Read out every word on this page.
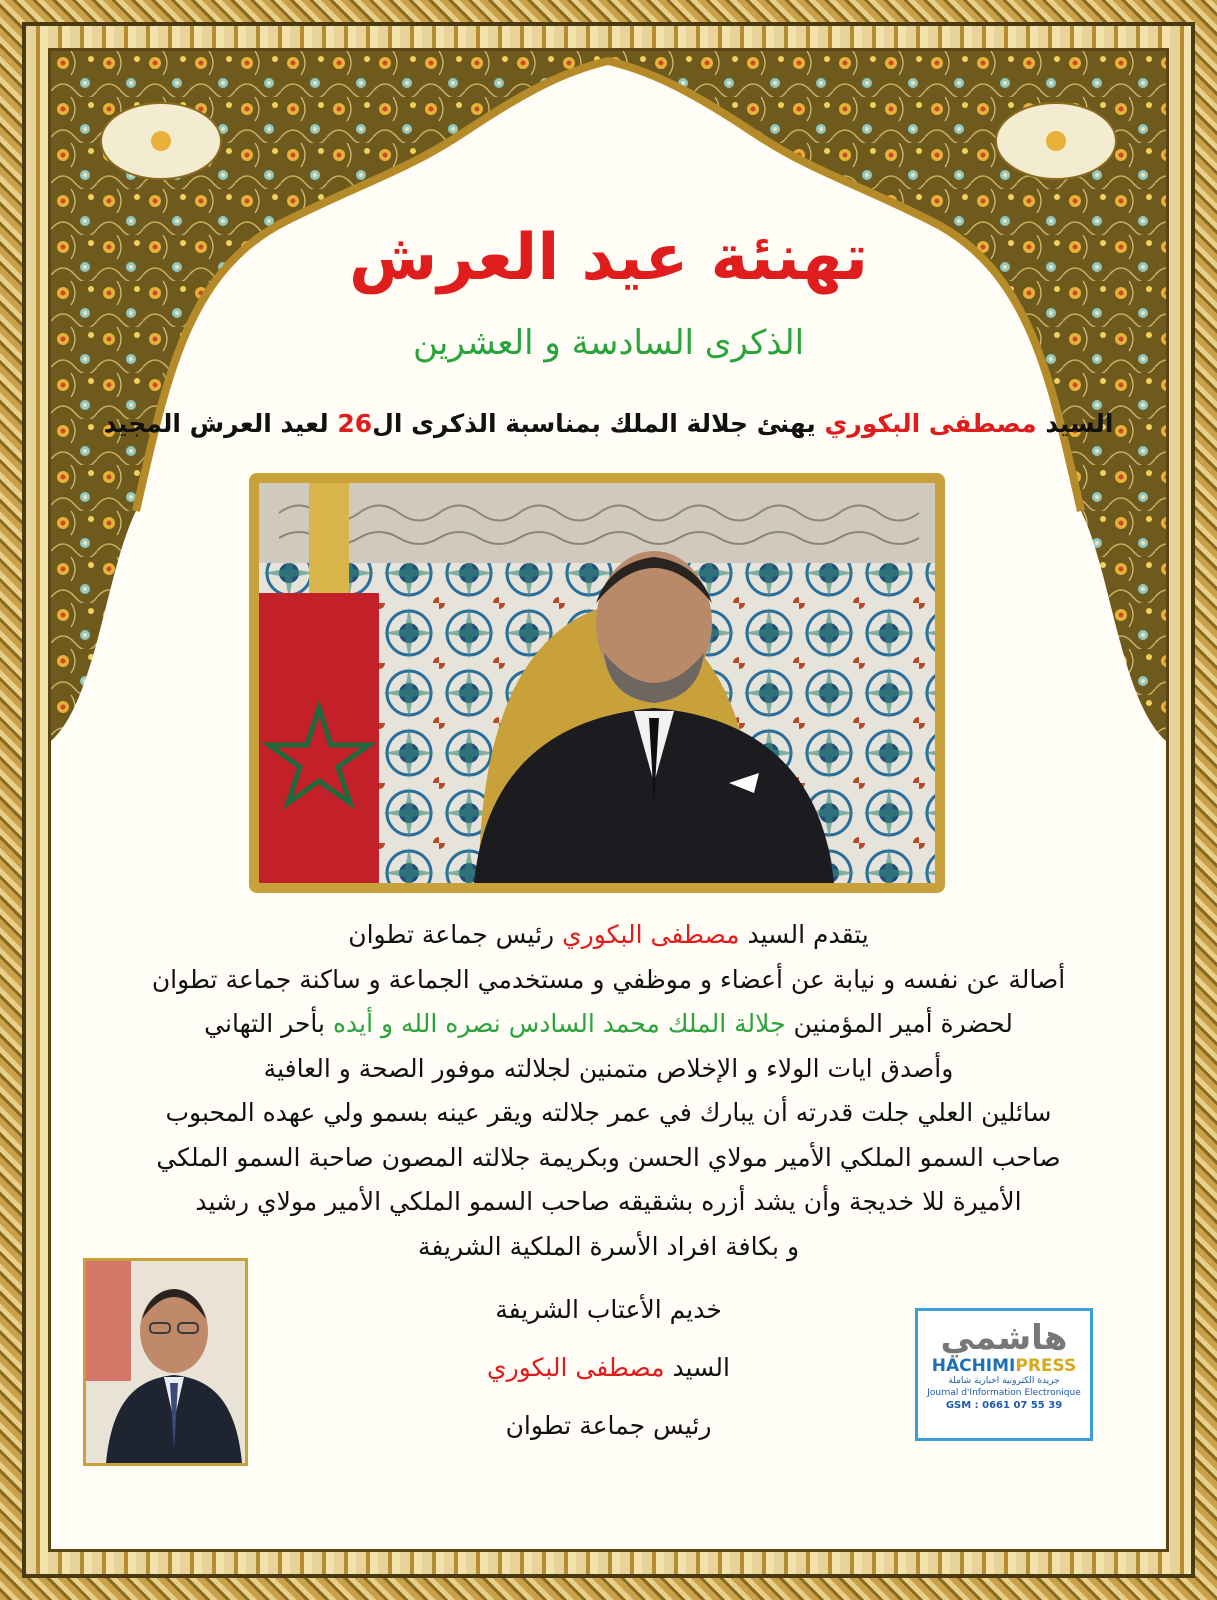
تهنئة عيد العرش
الذكرى السادسة و العشرين
السيد مصطفى البكوري يهنئ جلالة الملك بمناسبة الذكرى ال26 لعيد العرش المجيد
يتقدم السيد مصطفى البكوري رئيس جماعة تطوان
أصالة عن نفسه و نيابة عن أعضاء و موظفي و مستخدمي الجماعة و ساكنة جماعة تطوان
لحضرة أمير المؤمنين جلالة الملك محمد السادس نصره الله و أيده بأحر التهاني
وأصدق ايات الولاء و الإخلاص متمنين لجلالته موفور الصحة و العافية
سائلين العلي جلت قدرته أن يبارك في عمر جلالته ويقر عينه بسمو ولي عهده المحبوب
صاحب السمو الملكي الأمير مولاي الحسن وبكريمة جلالته المصون صاحبة السمو الملكي
الأميرة للا خديجة وأن يشد أزره بشقيقه صاحب السمو الملكي الأمير مولاي رشيد
و بكافة افراد الأسرة الملكية الشريفة
خديم الأعتاب الشريفة
السيد مصطفى البكوري
رئيس جماعة تطوان
هاشمي
HACHIMIPRESS
جريدة الكترونية اخبارية شاملة
Journal d'Information Electronique
GSM : 0661 07 55 39
